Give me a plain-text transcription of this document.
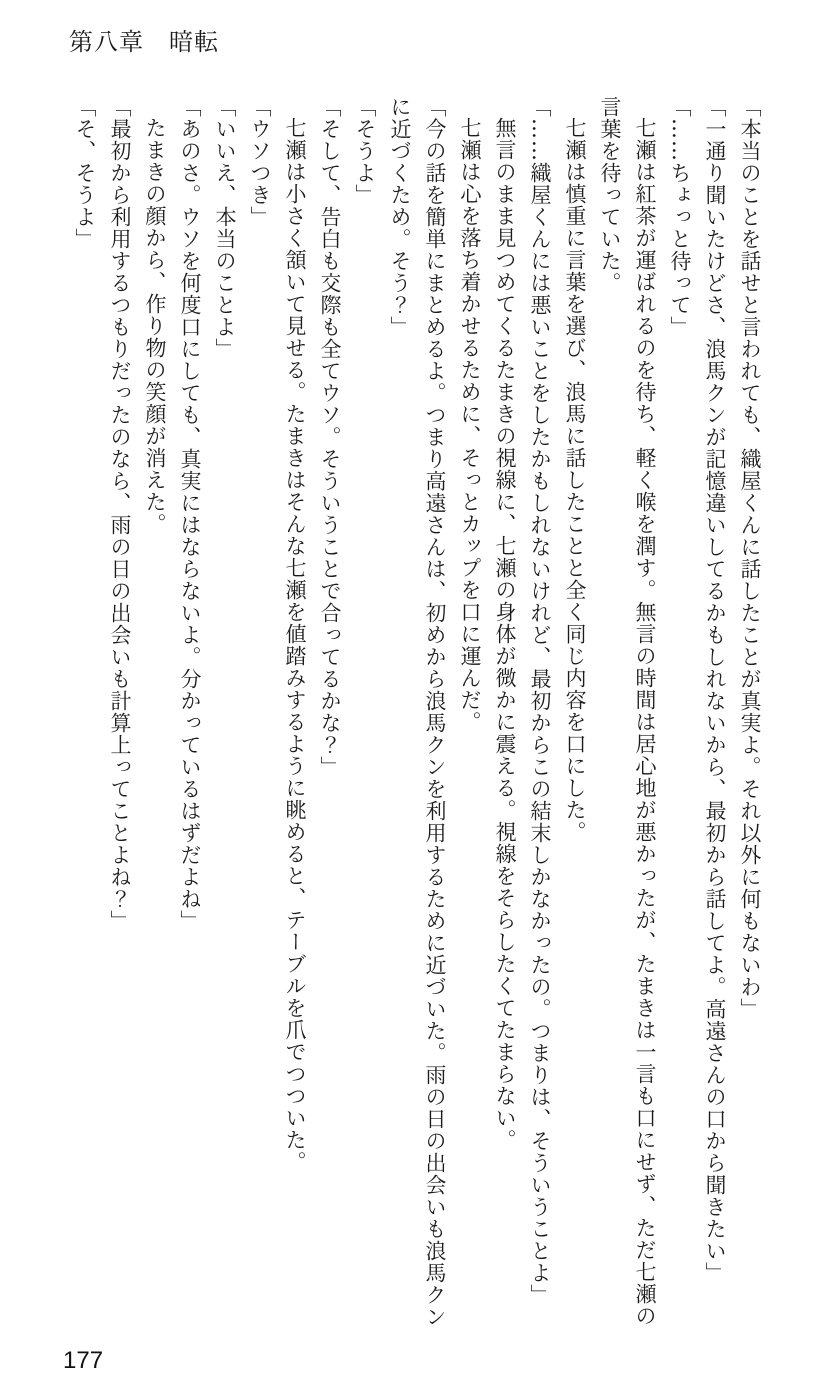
第八章　暗転

「本当のことを話せと言われても、織屋くんに話したことが真実よ。それ以外に何もないわ」

「一通り聞いたけどさ、浪馬クンが記憶違いしてるかもしれないから、最初から話してよ。高遠さんの口から聞きたい」

「……ちょっと待って」

七瀬は紅茶が運ばれるのを待ち、軽く喉を潤す。無言の時間は居心地が悪かったが、たまきは一言も口にせず、ただ七瀬の言葉を待っていた。

七瀬は慎重に言葉を選び、浪馬に話したことと全く同じ内容を口にした。

「……織屋くんには悪いことをしたかもしれないけれど、最初からこの結末しかなかったの。つまりは、そういうことよ」

無言のまま見つめてくるたまきの視線に、七瀬の身体が微かに震える。視線をそらしたくてたまらない。

七瀬は心を落ち着かせるために、そっとカップを口に運んだ。

「今の話を簡単にまとめるよ。つまり高遠さんは、初めから浪馬クンを利用するために近づいた。雨の日の出会いも浪馬クンに近づくため。そう？」

「そうよ」

「そして、告白も交際も全てウソ。そういうことで合ってるかな？」

七瀬は小さく頷いて見せる。たまきはそんな七瀬を値踏みするように眺めると、テーブルを爪でつついた。

「ウソつき」

「いいえ、本当のことよ」

「あのさ。ウソを何度口にしても、真実にはならないよ。分かっているはずだよね」

たまきの顔から、作り物の笑顔が消えた。

「最初から利用するつもりだったのなら、雨の日の出会いも計算上ってことよね？」

「そ、そうよ」

177
